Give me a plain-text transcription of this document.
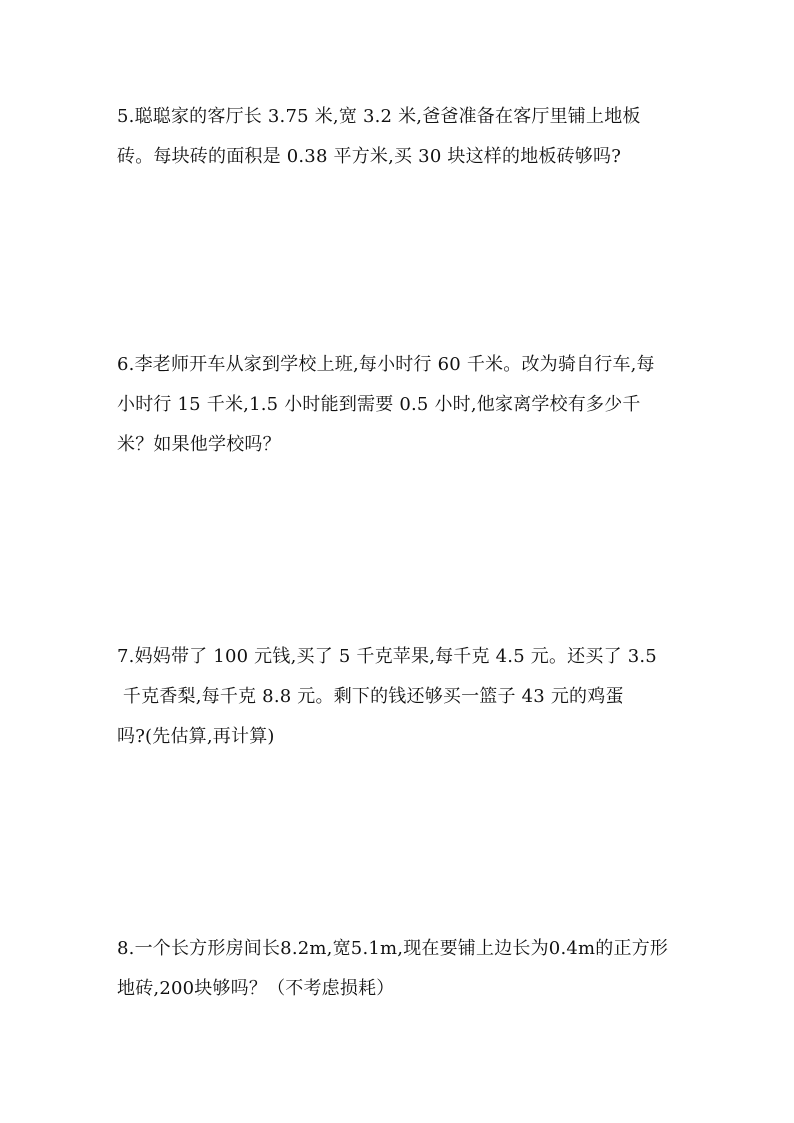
5.聪聪家的客厅长 3.75 米,宽 3.2 米,爸爸准备在客厅里铺上地板
砖。每块砖的面积是 0.38 平方米,买 30 块这样的地板砖够吗?
6.李老师开车从家到学校上班,每小时行 60 千米。改为骑自行车,每
小时行 15 千米,1.5 小时能到需要 0.5 小时,他家离学校有多少千
米？如果他学校吗？
7.妈妈带了 100 元钱,买了 5 千克苹果,每千克 4.5 元。还买了 3.5
千克香梨,每千克 8.8 元。剩下的钱还够买一篮子 43 元的鸡蛋
吗?(先估算,再计算)
8.一个长方形房间长8.2m,宽5.1m,现在要铺上边长为0.4m的正方形
地砖,200块够吗？（不考虑损耗）
